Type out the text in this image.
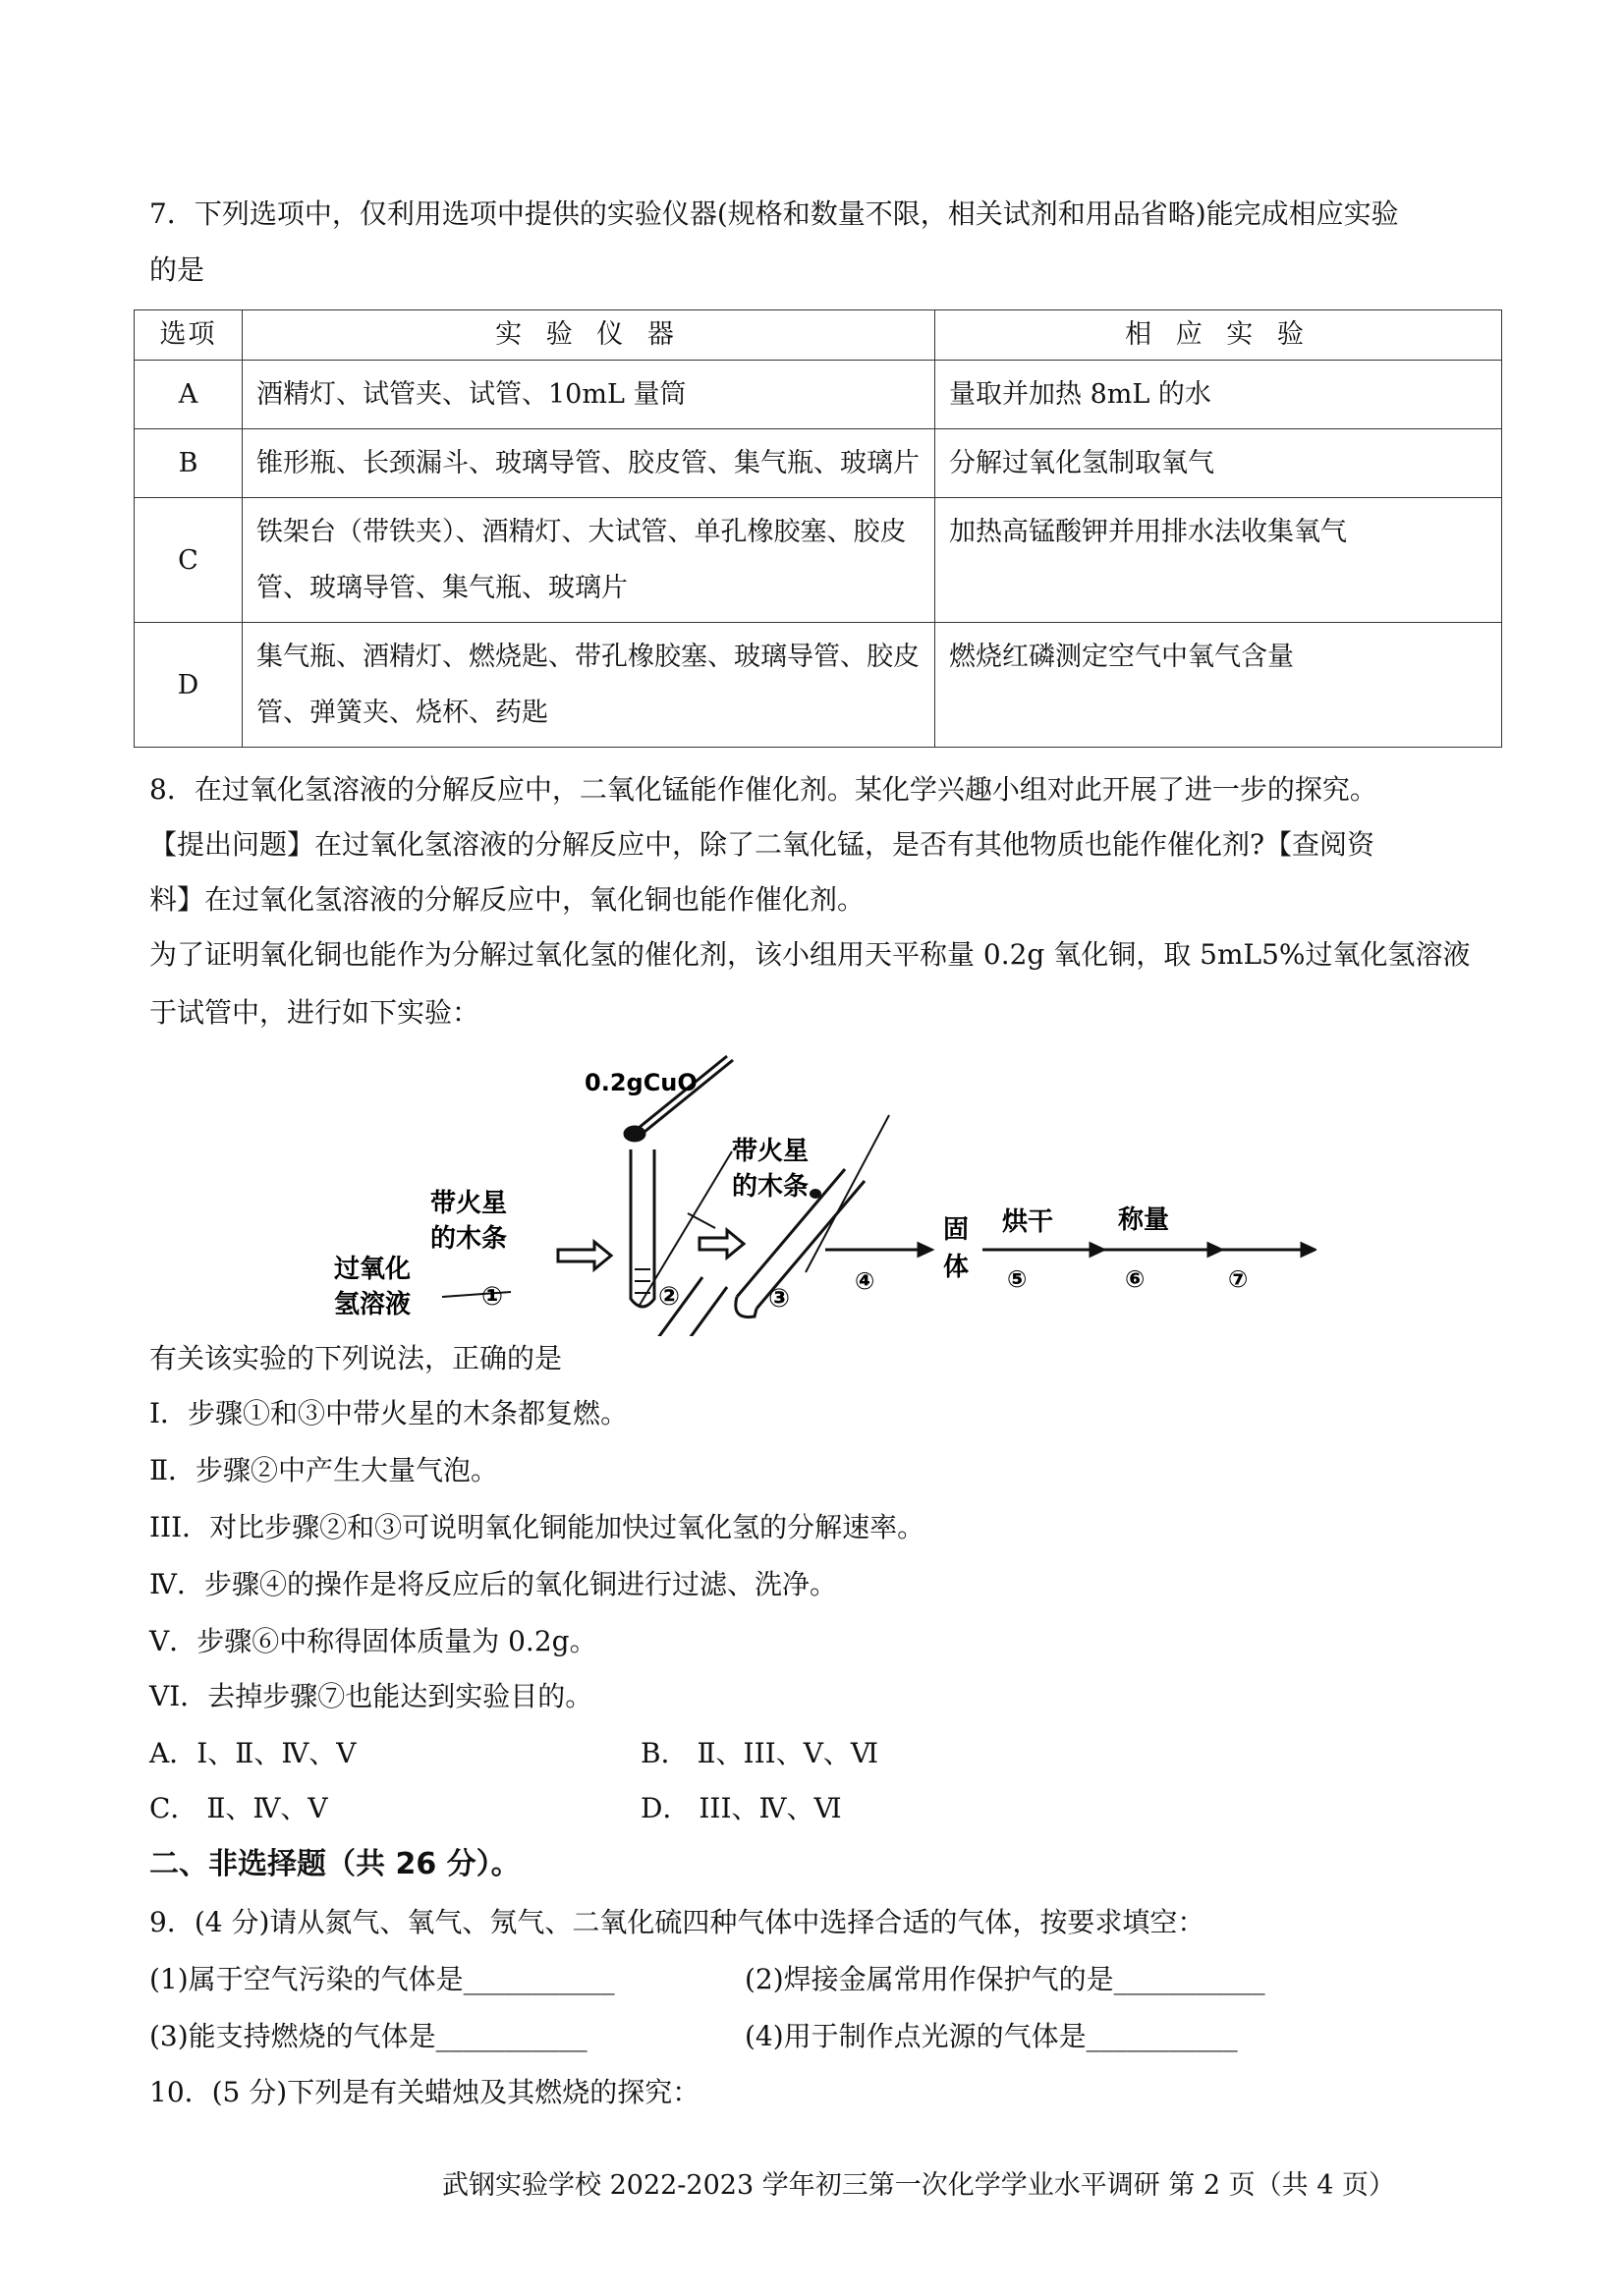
7．下列选项中，仅利用选项中提供的实验仪器(规格和数量不限，相关试剂和用品省略)能完成相应实验
的是
选项	实 验 仪 器	相 应 实 验
A	酒精灯、试管夹、试管、10mL 量筒	量取并加热 8mL 的水
B	锥形瓶、长颈漏斗、玻璃导管、胶皮管、集气瓶、玻璃片	分解过氧化氢制取氧气
C	铁架台（带铁夹）、酒精灯、大试管、单孔橡胶塞、胶皮管、玻璃导管、集气瓶、玻璃片	加热高锰酸钾并用排水法收集氧气
D	集气瓶、酒精灯、燃烧匙、带孔橡胶塞、玻璃导管、胶皮管、弹簧夹、烧杯、药匙	燃烧红磷测定空气中氧气含量
8．在过氧化氢溶液的分解反应中，二氧化锰能作催化剂。某化学兴趣小组对此开展了进一步的探究。
【提出问题】在过氧化氢溶液的分解反应中，除了二氧化锰，是否有其他物质也能作催化剂?【查阅资
料】在过氧化氢溶液的分解反应中，氧化铜也能作催化剂。
为了证明氧化铜也能作为分解过氧化氢的催化剂，该小组用天平称量 0.2g 氧化铜，取 5mL5%过氧化氢溶液
于试管中，进行如下实验：
0.2gCuO
带火星
的木条
过氧化
氢溶液	①	②
带火星
的木条
③
④
固
体
烘干
⑤
称量
⑥	⑦
有关该实验的下列说法，正确的是
Ⅰ．步骤①和③中带火星的木条都复燃。
Ⅱ．步骤②中产生大量气泡。
III．对比步骤②和③可说明氧化铜能加快过氧化氢的分解速率。
Ⅳ．步骤④的操作是将反应后的氧化铜进行过滤、洗净。
V．步骤⑥中称得固体质量为 0.2g。
VI．去掉步骤⑦也能达到实验目的。
A．Ⅰ、Ⅱ、Ⅳ、Ⅴ	B． Ⅱ、III、Ⅴ、Ⅵ
C． Ⅱ、Ⅳ、Ⅴ	D． III、Ⅳ、Ⅵ
二、非选择题（共 26 分）。
9．(4 分)请从氮气、氧气、氖气、二氧化硫四种气体中选择合适的气体，按要求填空：
(1)属于空气污染的气体是___________	(2)焊接金属常用作保护气的是___________
(3)能支持燃烧的气体是___________	(4)用于制作点光源的气体是___________
10．(5 分)下列是有关蜡烛及其燃烧的探究：
武钢实验学校 2022-2023 学年初三第一次化学学业水平调研 第 2 页（共 4 页）
